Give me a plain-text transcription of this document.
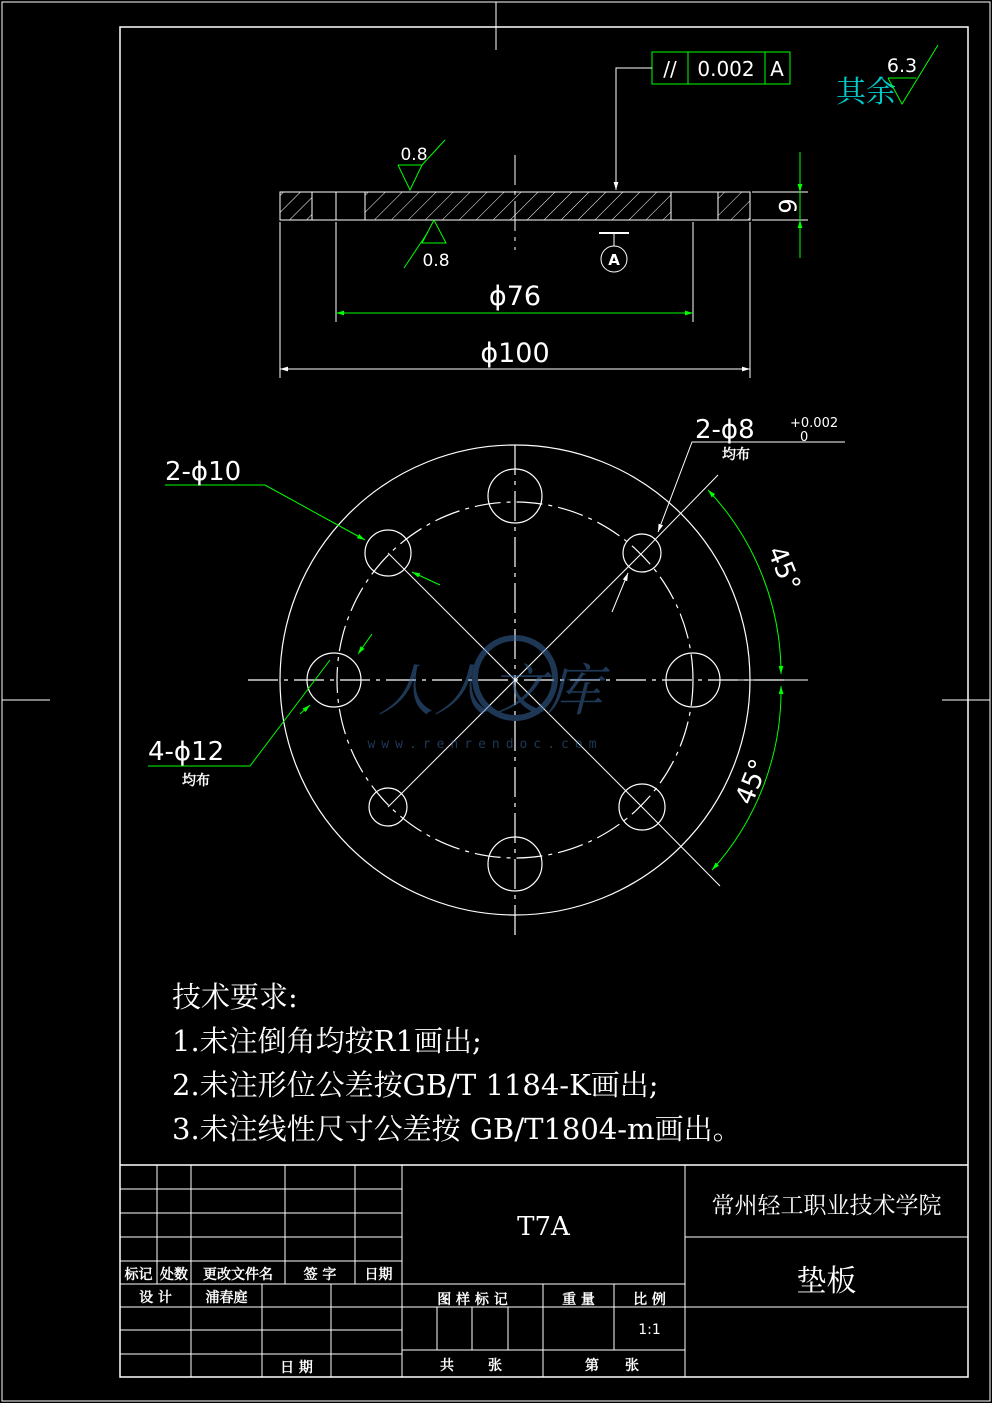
6
ϕ76
ϕ100
0.8
0.8	A
// 0.002 A
其余
6.3
2-ϕ10
2-ϕ8	+0.002
0
均布
4-ϕ12
均布
45°
45°
人人文库
www.renrendoc.com
技术要求:
1.未注倒角均按R1画出;
2.未注形位公差按GB/T 1184-K画出;
3.未注线性尺寸公差按 GB/T1804-m画出。
T7A
常州轻工职业技术学院
垫板
标记 处数	更改文件名	签 字	日期
设 计	浦春庭
日 期
图 样 标 记	重 量	比 例
1:1
共 张	第 张
